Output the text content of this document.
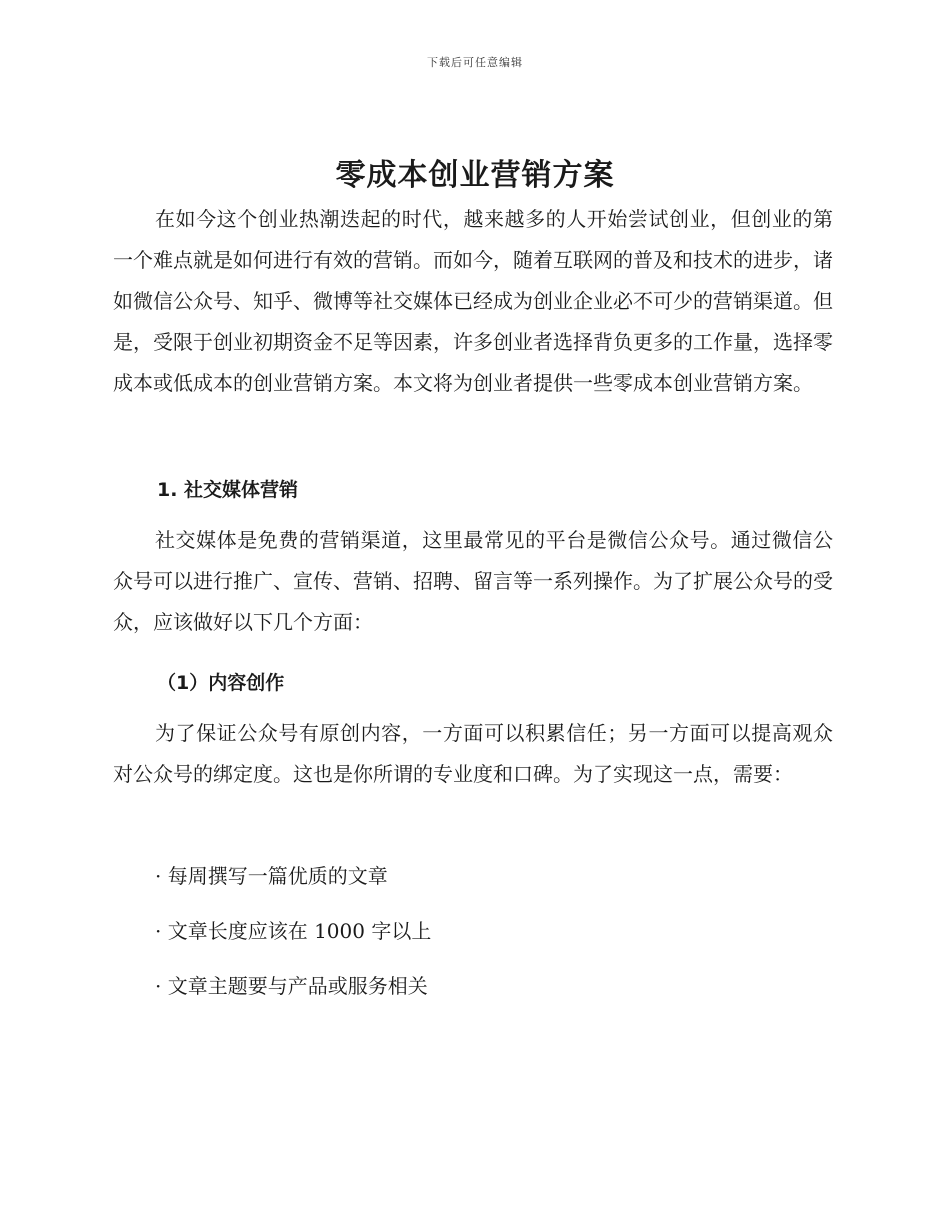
下载后可任意编辑
零成本创业营销方案

在如今这个创业热潮迭起的时代，越来越多的人开始尝试创业，但创业的第一个难点就是如何进行有效的营销。而如今，随着互联网的普及和技术的进步，诸如微信公众号、知乎、微博等社交媒体已经成为创业企业必不可少的营销渠道。但是，受限于创业初期资金不足等因素，许多创业者选择背负更多的工作量，选择零成本或低成本的创业营销方案。本文将为创业者提供一些零成本创业营销方案。

1. 社交媒体营销

社交媒体是免费的营销渠道，这里最常见的平台是微信公众号。通过微信公众号可以进行推广、宣传、营销、招聘、留言等一系列操作。为了扩展公众号的受众，应该做好以下几个方面：

（1）内容创作

为了保证公众号有原创内容，一方面可以积累信任；另一方面可以提高观众对公众号的绑定度。这也是你所谓的专业度和口碑。为了实现这一点，需要：

· 每周撰写一篇优质的文章

· 文章长度应该在 1000 字以上

· 文章主题要与产品或服务相关
